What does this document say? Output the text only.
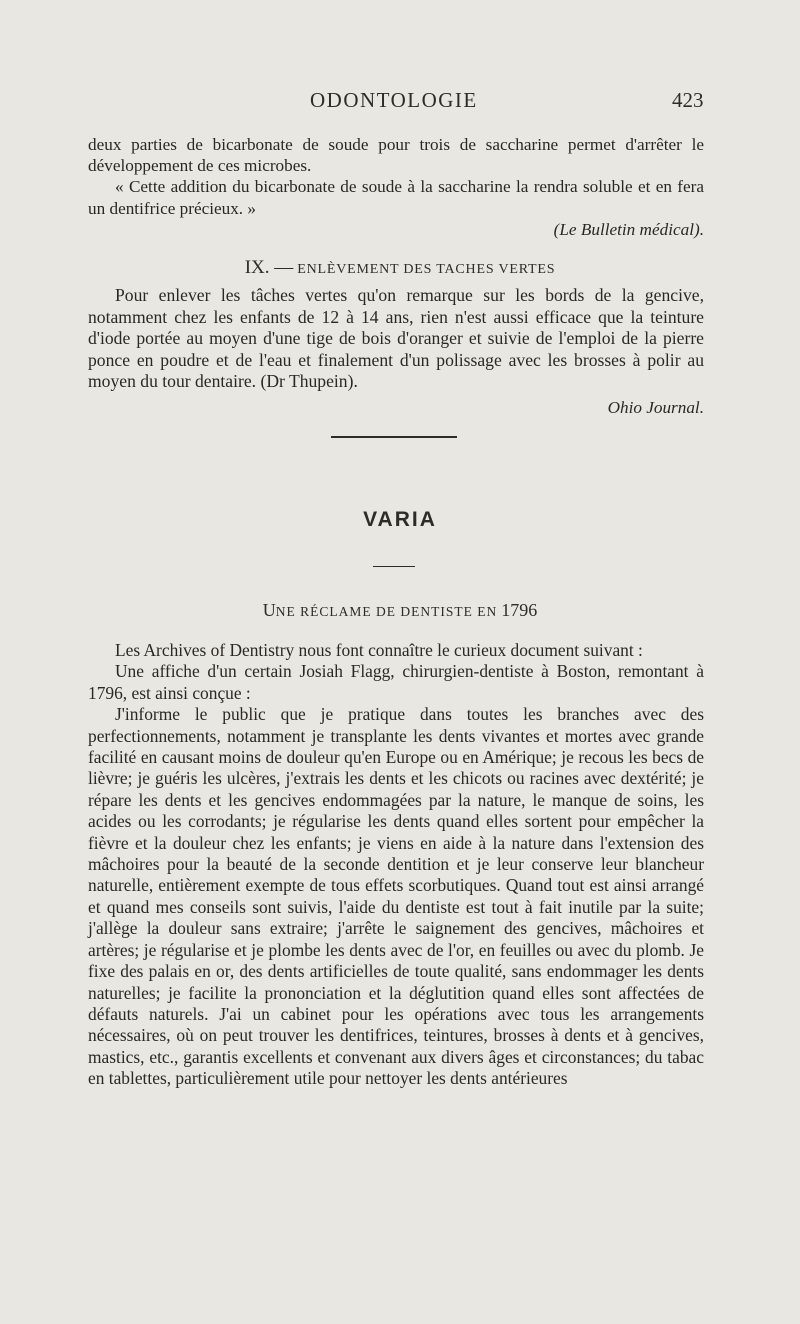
ODONTOLOGIE	423

deux parties de bicarbonate de soude pour trois de saccharine permet d'arrêter le développement de ces microbes.

« Cette addition du bicarbonate de soude à la saccharine la rendra soluble et en fera un dentifrice précieux. »

(Le Bulletin médical).

IX. — ENLÈVEMENT DES TACHES VERTES

Pour enlever les tâches vertes qu'on remarque sur les bords de la gencive, notamment chez les enfants de 12 à 14 ans, rien n'est aussi efficace que la teinture d'iode portée au moyen d'une tige de bois d'oranger et suivie de l'emploi de la pierre ponce en poudre et de l'eau et finalement d'un polissage avec les brosses à polir au moyen du tour dentaire. (Dr Thupein).

Ohio Journal.

VARIA
UNE RÉCLAME DE DENTISTE EN 1796

Les Archives of Dentistry nous font connaître le curieux document suivant :

Une affiche d'un certain Josiah Flagg, chirurgien-dentiste à Boston, remontant à 1796, est ainsi conçue :

J'informe le public que je pratique dans toutes les branches avec des perfectionnements, notamment je transplante les dents vivantes et mortes avec grande facilité en causant moins de douleur qu'en Europe ou en Amérique; je recous les becs de lièvre; je guéris les ulcères, j'extrais les dents et les chicots ou racines avec dextérité; je répare les dents et les gencives endommagées par la nature, le manque de soins, les acides ou les corrodants; je régularise les dents quand elles sortent pour empêcher la fièvre et la douleur chez les enfants; je viens en aide à la nature dans l'extension des mâchoires pour la beauté de la seconde dentition et je leur conserve leur blancheur naturelle, entièrement exempte de tous effets scorbutiques. Quand tout est ainsi arrangé et quand mes conseils sont suivis, l'aide du dentiste est tout à fait inutile par la suite; j'allège la douleur sans extraire; j'arrête le saignement des gencives, mâchoires et artères; je régularise et je plombe les dents avec de l'or, en feuilles ou avec du plomb. Je fixe des palais en or, des dents artificielles de toute qualité, sans endommager les dents naturelles; je facilite la prononciation et la déglutition quand elles sont affectées de défauts naturels. J'ai un cabinet pour les opérations avec tous les arrangements nécessaires, où on peut trouver les dentifrices, teintures, brosses à dents et à gencives, mastics, etc., garantis excellents et convenant aux divers âges et circonstances; du tabac en tablettes, particulièrement utile pour nettoyer les dents antérieures
